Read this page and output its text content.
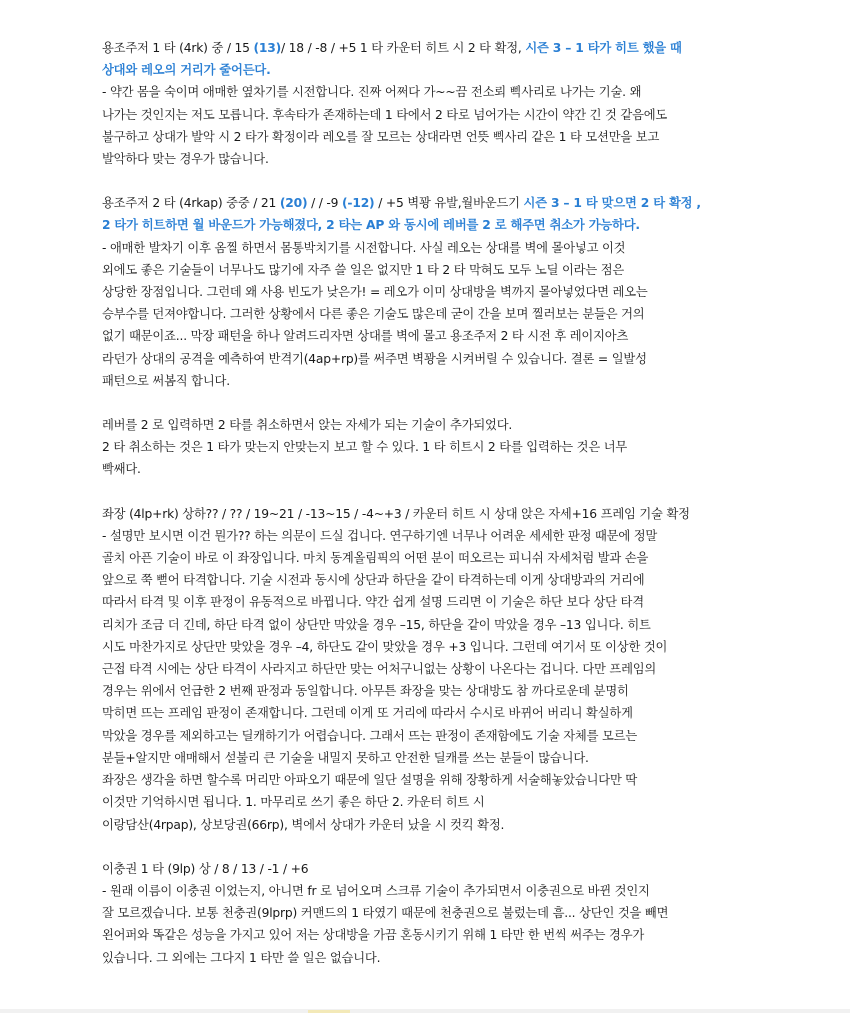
용조주저 1 타 (4rk) 중 / 15 (13)/ 18 / -8 / +5 1 타 카운터 히트 시 2 타 확정, 시즌 3 – 1 타가 히트 했을 때
상대와 레오의 거리가 줄어든다.
- 약간 몸을 숙이며 애매한 옆차기를 시전합니다. 진짜 어쩌다 가~~끔 전소뢰 삑사리로 나가는 기술. 왜
나가는 것인지는 저도 모릅니다. 후속타가 존재하는데 1 타에서 2 타로 넘어가는 시간이 약간 긴 것 같음에도
불구하고 상대가 발악 시 2 타가 확정이라 레오를 잘 모르는 상대라면 언뜻 삑사리 같은 1 타 모션만을 보고
발악하다 맞는 경우가 많습니다.
용조주저 2 타 (4rkap) 중중 / 21 (20) / / -9 (-12) / +5 벽꽝 유발,월바운드기 시즌 3 – 1 타 맞으면 2 타 확정 ,
2 타가 히트하면 월 바운드가 가능해졌다, 2 타는 AP 와 동시에 레버를 2 로 해주면 취소가 가능하다.
- 애매한 발차기 이후 옴찔 하면서 몸통박치기를 시전합니다. 사실 레오는 상대를 벽에 몰아넣고 이것
외에도 좋은 기술들이 너무나도 많기에 자주 쓸 일은 없지만 1 타 2 타 막혀도 모두 노딜 이라는 점은
상당한 장점입니다. 그런데 왜 사용 빈도가 낮은가! = 레오가 이미 상대방을 벽까지 몰아넣었다면 레오는
승부수를 던져야합니다. 그러한 상황에서 다른 좋은 기술도 많은데 굳이 간을 보며 찔러보는 분들은 거의
없기 때문이죠... 막장 패턴을 하나 알려드리자면 상대를 벽에 몰고 용조주저 2 타 시전 후 레이지아츠
라던가 상대의 공격을 예측하여 반격기(4ap+rp)를 써주면 벽꽝을 시켜버릴 수 있습니다. 결론 = 일발성
패턴으로 써봄직 합니다.
레버를 2 로 입력하면 2 타를 취소하면서 앉는 자세가 되는 기술이 추가되었다.
2 타 취소하는 것은 1 타가 맞는지 안맞는지 보고 할 수 있다. 1 타 히트시 2 타를 입력하는 것은 너무
빡쌔다.
좌장 (4lp+rk) 상하?? / ?? / 19~21 / -13~15 / -4~+3 / 카운터 히트 시 상대 앉은 자세+16 프레임 기술 확정
- 설명만 보시면 이건 뭔가?? 하는 의문이 드실 겁니다. 연구하기엔 너무나 어려운 세세한 판정 때문에 정말
골치 아픈 기술이 바로 이 좌장입니다. 마치 동계올림픽의 어떤 분이 떠오르는 피니쉬 자세처럼 발과 손을
앞으로 쭉 뻗어 타격합니다. 기술 시전과 동시에 상단과 하단을 같이 타격하는데 이게 상대방과의 거리에
따라서 타격 및 이후 판정이 유동적으로 바뀝니다. 약간 쉽게 설명 드리면 이 기술은 하단 보다 상단 타격
리치가 조금 더 긴데, 하단 타격 없이 상단만 막았을 경우 –15, 하단을 같이 막았을 경우 –13 입니다. 히트
시도 마찬가지로 상단만 맞았을 경우 –4, 하단도 같이 맞았을 경우 +3 입니다. 그런데 여기서 또 이상한 것이
근접 타격 시에는 상단 타격이 사라지고 하단만 맞는 어처구니없는 상황이 나온다는 겁니다. 다만 프레임의
경우는 위에서 언급한 2 번째 판정과 동일합니다. 아무튼 좌장을 맞는 상대방도 참 까다로운데 분명히
막히면 뜨는 프레임 판정이 존재합니다. 그런데 이게 또 거리에 따라서 수시로 바뀌어 버리니 확실하게
막았을 경우를 제외하고는 딜캐하기가 어렵습니다. 그래서 뜨는 판정이 존재함에도 기술 자체를 모르는
분들+알지만 애매해서 섣불리 큰 기술을 내밀지 못하고 안전한 딜캐를 쓰는 분들이 많습니다.
좌장은 생각을 하면 할수록 머리만 아파오기 때문에 일단 설명을 위해 장황하게 서술해놓았습니다만 딱
이것만 기억하시면 됩니다. 1. 마무리로 쓰기 좋은 하단 2. 카운터 히트 시
이랑담산(4rpap), 상보당권(66rp), 벽에서 상대가 카운터 났을 시 컷킥 확정.
이충권 1 타 (9lp) 상 / 8 / 13 / -1 / +6
- 원래 이름이 이충권 이었는지, 아니면 fr 로 넘어오며 스크류 기술이 추가되면서 이충권으로 바뀐 것인지
잘 모르겠습니다. 보통 천충권(9lprp) 커맨드의 1 타였기 때문에 천충권으로 불렀는데 흠... 상단인 것을 빼면
왼어퍼와 똑같은 성능을 가지고 있어 저는 상대방을 가끔 혼동시키기 위해 1 타만 한 번씩 써주는 경우가
있습니다. 그 외에는 그다지 1 타만 쓸 일은 없습니다.
